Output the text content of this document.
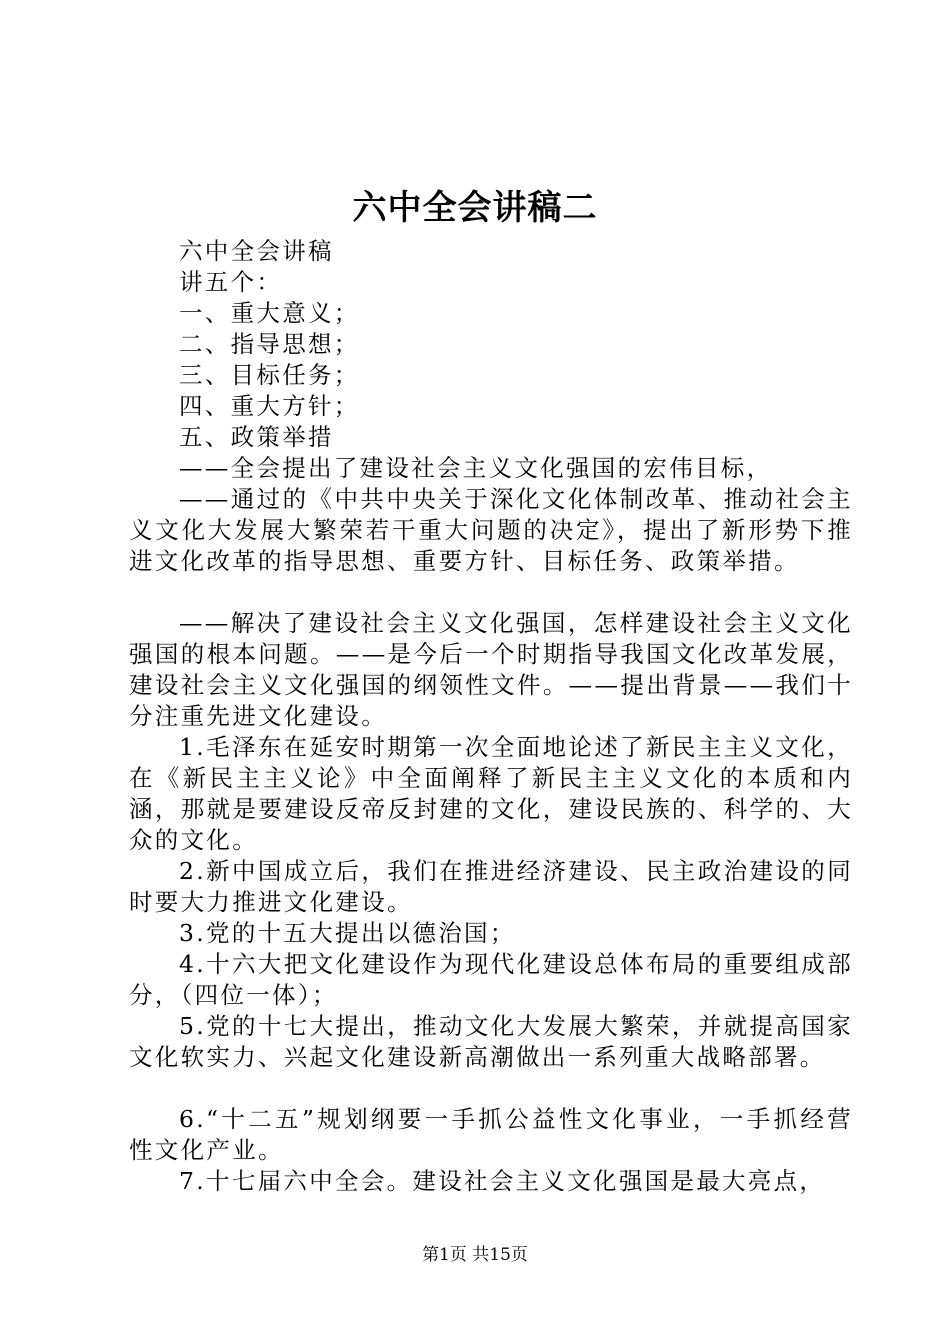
六中全会讲稿二

六中全会讲稿

讲五个：

一、重大意义；

二、指导思想；

三、目标任务；

四、重大方针；

五、政策举措

——全会提出了建设社会主义文化强国的宏伟目标，

——通过的《中共中央关于深化文化体制改革、推动社会主义文化大发展大繁荣若干重大问题的决定》，提出了新形势下推进文化改革的指导思想、重要方针、目标任务、政策举措。

——解决了建设社会主义文化强国，怎样建设社会主义文化强国的根本问题。——是今后一个时期指导我国文化改革发展，建设社会主义文化强国的纲领性文件。——提出背景——我们十分注重先进文化建设。

1.毛泽东在延安时期第一次全面地论述了新民主主义文化，在《新民主主义论》中全面阐释了新民主主义文化的本质和内涵，那就是要建设反帝反封建的文化，建设民族的、科学的、大众的文化。

2.新中国成立后，我们在推进经济建设、民主政治建设的同时要大力推进文化建设。

3.党的十五大提出以德治国；

4.十六大把文化建设作为现代化建设总体布局的重要组成部分，（四位一体）；

5.党的十七大提出，推动文化大发展大繁荣，并就提高国家文化软实力、兴起文化建设新高潮做出一系列重大战略部署。

6.“十二五”规划纲要一手抓公益性文化事业，一手抓经营性文化产业。

7.十七届六中全会。建设社会主义文化强国是最大亮点，

第1页 共15页
